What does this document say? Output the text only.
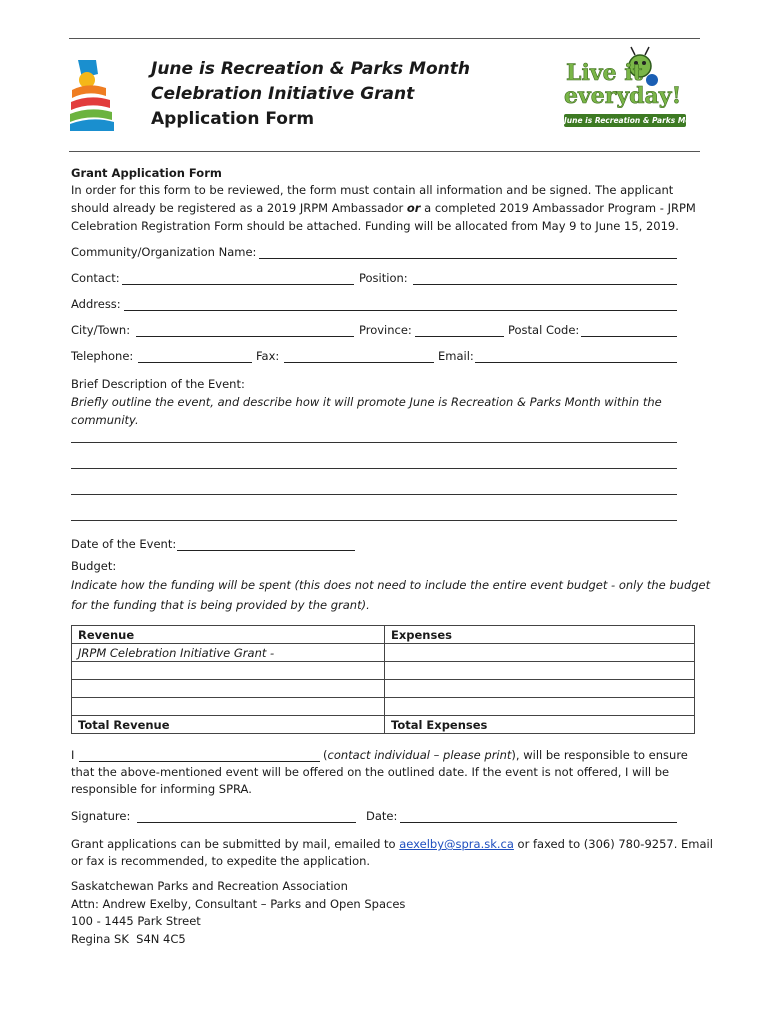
June is Recreation & Parks Month
Celebration Initiative Grant
Application Form
Live it
everyday!
June is Recreation & Parks Month
Grant Application Form
In order for this form to be reviewed, the form must contain all information and be signed. The applicant
should already be registered as a 2019 JRPM Ambassador or a completed 2019 Ambassador Program - JRPM
Celebration Registration Form should be attached. Funding will be allocated from May 9 to June 15, 2019.
Community/Organization Name:
Contact:	Position:
Address:
City/Town:	Province:	Postal Code:
Telephone:	Fax:	Email:
Brief Description of the Event:
Briefly outline the event, and describe how it will promote June is Recreation & Parks Month within the
community.
Date of the Event:
Budget:
Indicate how the funding will be spent (this does not need to include the entire event budget - only the budget
for the funding that is being provided by the grant).
Revenue	Expenses
JRPM Celebration Initiative Grant -	

Total Revenue	Total Expenses
I	(contact individual – please print), will be responsible to ensure
that the above-mentioned event will be offered on the outlined date. If the event is not offered, I will be
responsible for informing SPRA.
Signature:	Date:
Grant applications can be submitted by mail, emailed to aexelby@spra.sk.ca or faxed to (306) 780-9257. Email
or fax is recommended, to expedite the application.
Saskatchewan Parks and Recreation Association
Attn: Andrew Exelby, Consultant – Parks and Open Spaces
100 - 1445 Park Street
Regina SK  S4N 4C5
